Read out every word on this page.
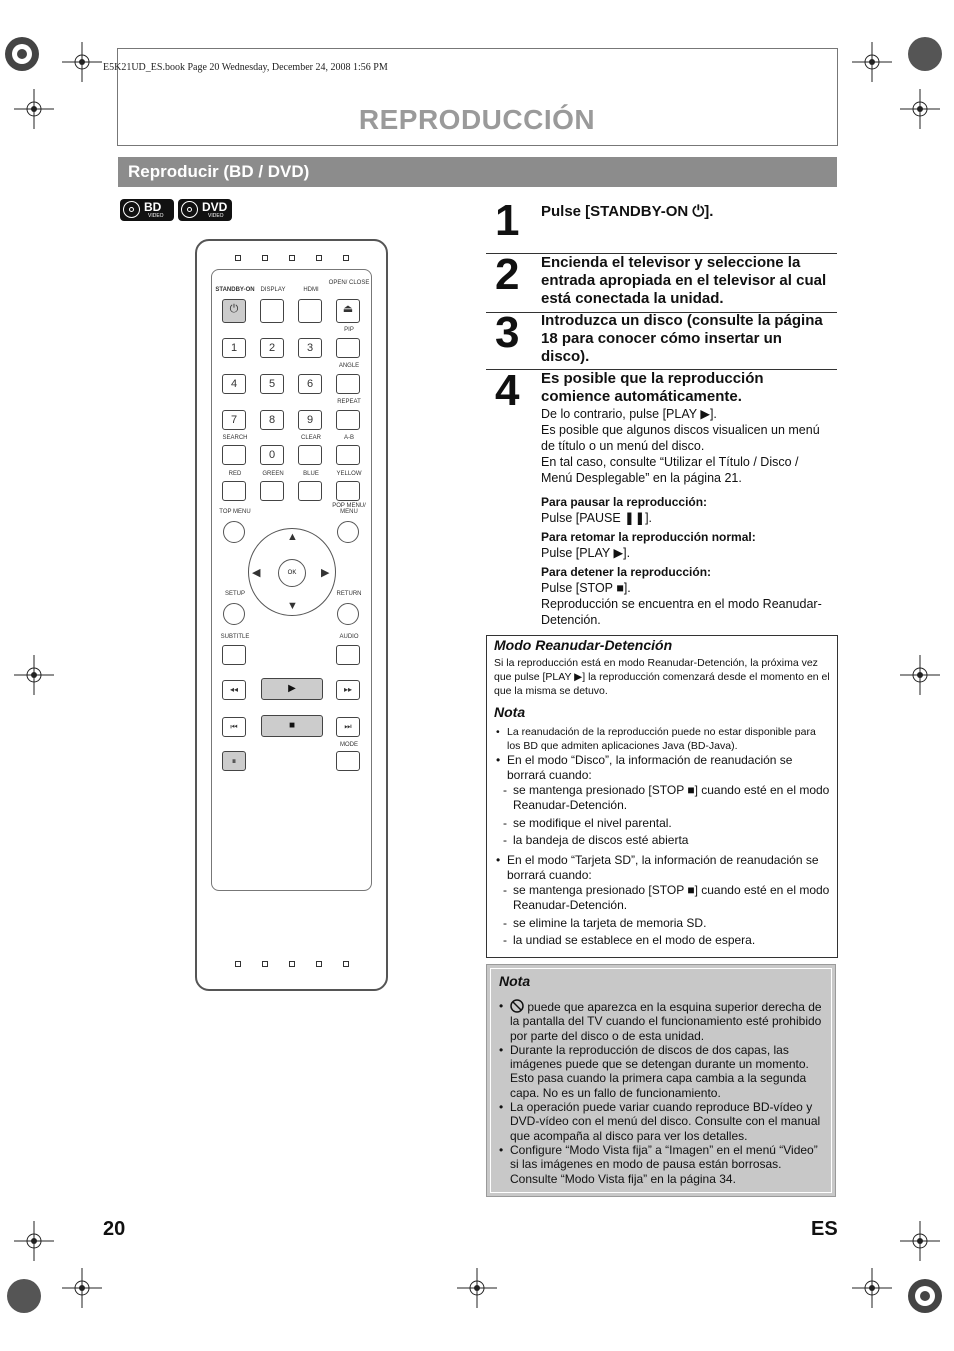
E5K21UD_ES.book Page 20 Wednesday, December 24, 2008 1:56 PM
REPRODUCCIÓN
Reproducir (BD / DVD)
BD
VIDEO
DVD
VIDEO
STANDBY-ON DISPLAY	HDMI
OPEN/ CLOSE
⏻	⏏
PIP
1	2	3
ANGLE
4	5	6
REPEAT
7	8	9
SEARCH	CLEAR	A-B
0
RED	GREEN	BLUE	YELLOW
TOP MENU
POP MENU/ MENU
▲
▼
◀	▶
OK
SETUP	RETURN
SUBTITLE	AUDIO
◂◂	▶	▸▸
⏮	■	⏭
MODE
⏸
1 Pulse [STANDBY-ON ⏻].
2 Encienda el televisor y seleccione la entrada apropiada en el televisor al cual está conectada la unidad.
3 Introduzca un disco (consulte la página 18 para conocer cómo insertar un disco).
4 Es posible que la reproducción comience automáticamente.
De lo contrario, pulse [PLAY ▶].
Es posible que algunos discos visualicen un menú de título o un menú del disco.
En tal caso, consulte “Utilizar el Título / Disco / Menú Desplegable” en la página 21.
Para pausar la reproducción:
Pulse [PAUSE ❚❚].
Para retomar la reproducción normal:
Pulse [PLAY ▶].
Para detener la reproducción:
Pulse [STOP ■].
Reproducción se encuentra en el modo Reanudar-Detención.
Modo Reanudar-Detención
Si la reproducción está en modo Reanudar-Detención, la próxima vez que pulse [PLAY ▶] la reproducción comenzará desde el momento en el que la misma se detuvo.
Nota

• La reanudación de la reproducción puede no estar disponible para los BD que admiten aplicaciones Java (BD-Java).

• En el modo “Disco”, la información de reanudación se borrará cuando:

- se mantenga presionado [STOP ■] cuando esté en el modo Reanudar-Detención.

- se modifique el nivel parental.

- la bandeja de discos esté abierta

• En el modo “Tarjeta SD”, la información de reanudación se borrará cuando:

- se mantenga presionado [STOP ■] cuando esté en el modo Reanudar-Detención.

- se elimine la tarjeta de memoria SD.

- la undiad se establece en el modo de espera.

Nota

• puede que aparezca en la esquina superior derecha de la pantalla del TV cuando el funcionamiento esté prohibido por parte del disco o de esta unidad.

• Durante la reproducción de discos de dos capas, las imágenes puede que se detengan durante un momento. Esto pasa cuando la primera capa cambia a la segunda capa. No es un fallo de funcionamiento.

• La operación puede variar cuando reproduce BD-vídeo y DVD-vídeo con el menú del disco. Consulte con el manual que acompaña al disco para ver los detalles.

• Configure “Modo Vista fija” a “Imagen” en el menú “Video” si las imágenes en modo de pausa están borrosas. Consulte “Modo Vista fija” en la página 34.

20	ES
